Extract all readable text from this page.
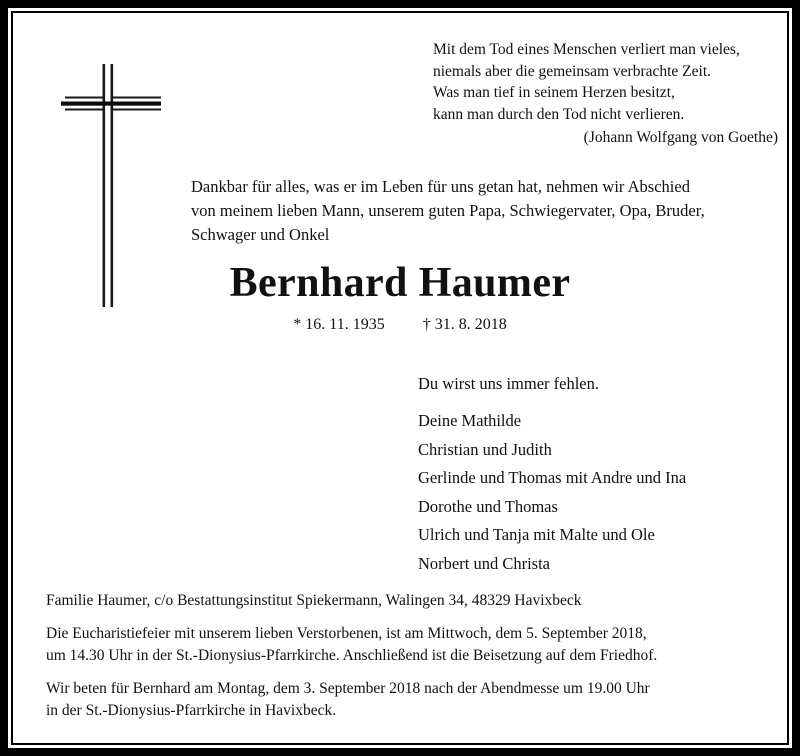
Mit dem Tod eines Menschen verliert man vieles,
niemals aber die gemeinsam verbrachte Zeit.
Was man tief in seinem Herzen besitzt,
kann man durch den Tod nicht verlieren.
(Johann Wolfgang von Goethe)
Dankbar für alles, was er im Leben für uns getan hat, nehmen wir Abschied
von meinem lieben Mann, unserem guten Papa, Schwiegervater, Opa, Bruder,
Schwager und Onkel
Bernhard Haumer
* 16. 11. 1935 † 31. 8. 2018
Du wirst uns immer fehlen.
Deine Mathilde
Christian und Judith
Gerlinde und Thomas mit Andre und Ina
Dorothe und Thomas
Ulrich und Tanja mit Malte und Ole
Norbert und Christa
Familie Haumer, c/o Bestattungsinstitut Spiekermann, Walingen 34, 48329 Havixbeck
Die Eucharistiefeier mit unserem lieben Verstorbenen, ist am Mittwoch, dem 5. September 2018,
um 14.30 Uhr in der St.-Dionysius-Pfarrkirche. Anschließend ist die Beisetzung auf dem Friedhof.
Wir beten für Bernhard am Montag, dem 3. September 2018 nach der Abendmesse um 19.00 Uhr
in der St.-Dionysius-Pfarrkirche in Havixbeck.
